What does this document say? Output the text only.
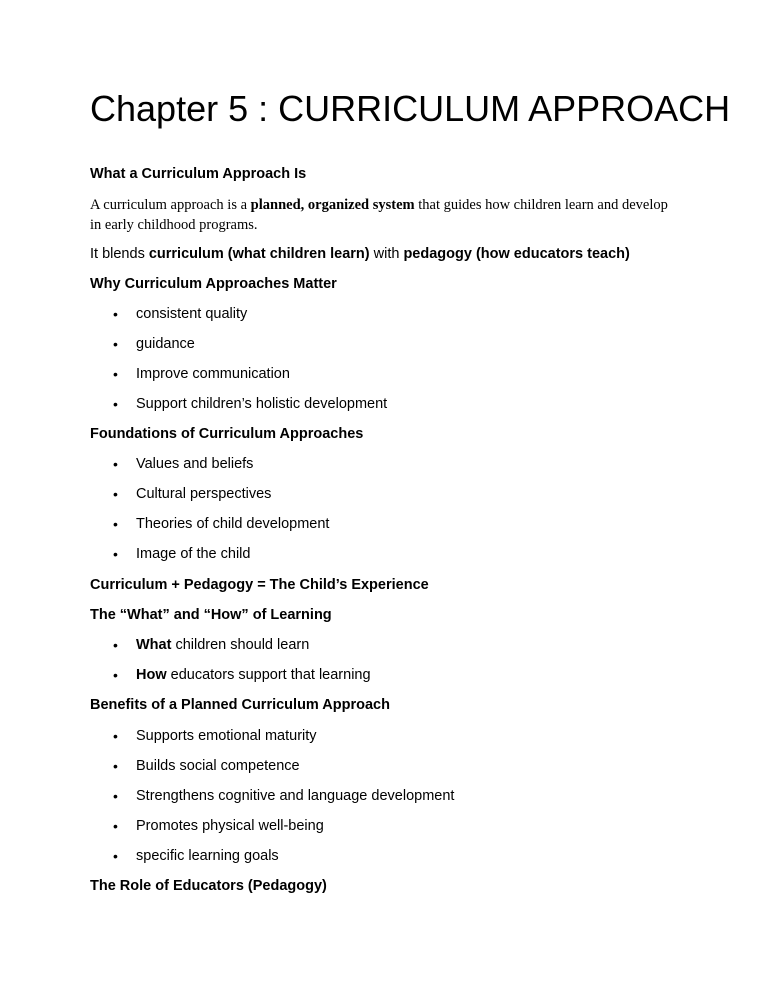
Chapter 5 : CURRICULUM APPROACH
What a Curriculum Approach Is

A curriculum approach is a planned, organized system that guides how children learn and develop in early childhood programs.

It blends curriculum (what children learn) with pedagogy (how educators teach)

Why Curriculum Approaches Matter
• consistent quality
• guidance
• Improve communication
• Support children’s holistic development
Foundations of Curriculum Approaches
• Values and beliefs
• Cultural perspectives
• Theories of child development
• Image of the child
Curriculum + Pedagogy = The Child’s Experience
The “What” and “How” of Learning
• What children should learn
• How educators support that learning
Benefits of a Planned Curriculum Approach
• Supports emotional maturity
• Builds social competence
• Strengthens cognitive and language development
• Promotes physical well-being
• specific learning goals
The Role of Educators (Pedagogy)
